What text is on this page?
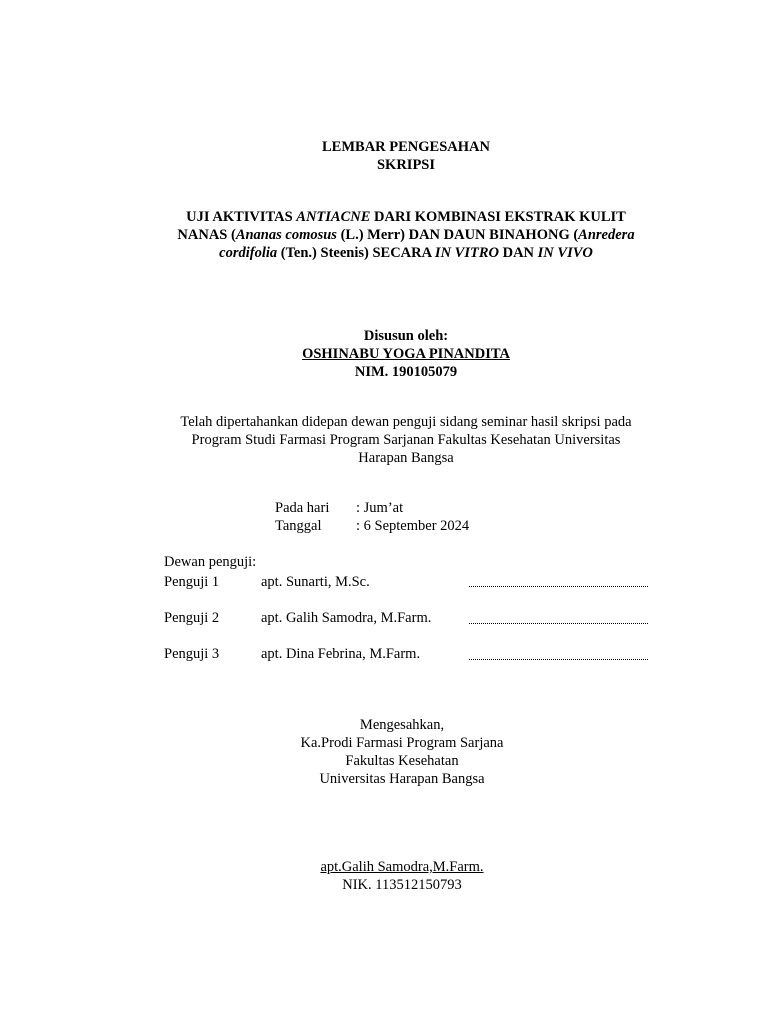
LEMBAR PENGESAHAN
SKRIPSI
UJI AKTIVITAS ANTIACNE DARI KOMBINASI EKSTRAK KULIT
NANAS (Ananas comosus (L.) Merr) DAN DAUN BINAHONG (Anredera
cordifolia (Ten.) Steenis) SECARA IN VITRO DAN IN VIVO
Disusun oleh:
OSHINABU YOGA PINANDITA
NIM. 190105079
Telah dipertahankan didepan dewan penguji sidang seminar hasil skripsi pada
Program Studi Farmasi Program Sarjanan Fakultas Kesehatan Universitas
Harapan Bangsa
Pada hari : Jum’at
Tanggal : 6 September 2024
Dewan penguji:
Penguji 1	apt. Sunarti, M.Sc.
Penguji 2	apt. Galih Samodra, M.Farm.
Penguji 3	apt. Dina Febrina, M.Farm.
Mengesahkan,
Ka.Prodi Farmasi Program Sarjana
Fakultas Kesehatan
Universitas Harapan Bangsa
apt.Galih Samodra,M.Farm.
NIK. 113512150793
